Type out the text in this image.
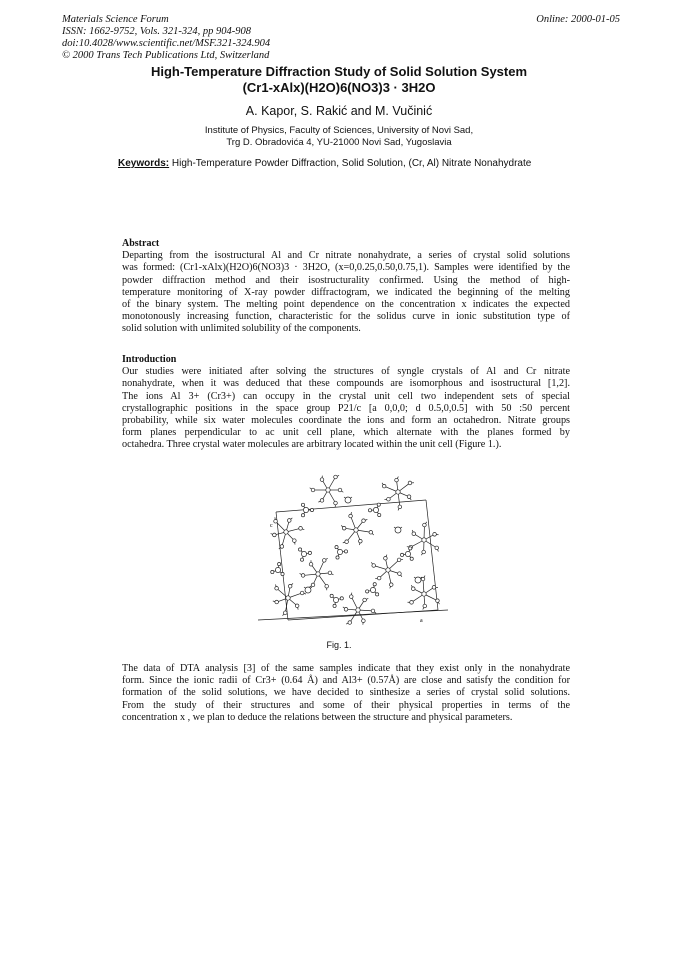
Materials Science Forum
ISSN: 1662-9752, Vols. 321-324, pp 904-908
doi:10.4028/www.scientific.net/MSF.321-324.904
© 2000 Trans Tech Publications Ltd, Switzerland
Online: 2000-01-05
High-Temperature Diffraction Study of Solid Solution System
(Cr1-xAlx)(H2O)6(NO3)3 · 3H2O
A. Kapor, S. Rakić and M. Vučinić
Institute of Physics, Faculty of Sciences, University of Novi Sad,
Trg D. Obradovića 4, YU-21000 Novi Sad, Yugoslavia
Keywords: High-Temperature Powder Diffraction, Solid Solution, (Cr, Al) Nitrate Nonahydrate
Abstract
Departing from the isostructural Al and Cr nitrate nonahydrate, a series of crystal solid solutions
was formed: (Cr1-xAlx)(H2O)6(NO3)3 · 3H2O, (x=0,0.25,0.50,0.75,1). Samples were identified by the
powder diffraction method and their isostructurality confirmed. Using the method of high-
temperature monitoring of X-ray powder diffractogram, we indicated the beginning of the melting
of the binary system. The melting point dependence on the concentration x indicates the expected
monotonously increasing function, characteristic for the solidus curve in ionic substitution type of
solid solution with unlimited solubility of the components.
Introduction
Our studies were initiated after solving the structures of syngle crystals of Al and Cr nitrate
nonahydrate, when it was deduced that these compounds are isomorphous and isostructural [1,2].
The ions Al 3+ (Cr3+) can occupy in the crystal unit cell two independent sets of special
crystallographic positions in the space group P21/c [a 0,0,0; d 0.5,0,0.5] with 50 :50 percent
probability, while six water molecules coordinate the ions and form an octahedron. Nitrate groups
form planes perpendicular to ac unit cell plane, which alternate with the planes formed by
octahedra. Three crystal water molecules are arbitrary located within the unit cell (Figure 1.).
c
a
Fig. 1.
The data of DTA analysis [3] of the same samples indicate that they exist only in the nonahydrate
form. Since the ionic radii of Cr3+ (0.64 Å) and Al3+ (0.57Å) are close and satisfy the condition for
formation of the solid solutions, we have decided to sinthesize a series of crystal solid solutions.
From the study of their structures and some of their physical properties in terms of the
concentration x , we plan to deduce the relations between the structure and physical parameters.
